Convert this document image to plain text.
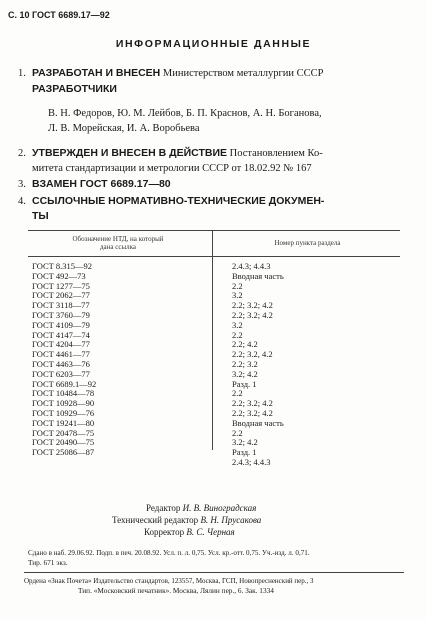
С. 10 ГОСТ 6689.17—92
ИНФОРМАЦИОННЫЕ ДАННЫЕ
1. РАЗРАБОТАН И ВНЕСЕН Министерством металлургии СССР
РАЗРАБОТЧИКИ
В. Н. Федоров, Ю. М. Лейбов, Б. П. Краснов, А. Н. Боганова,
Л. В. Морейская, И. А. Воробьева
2. УТВЕРЖДЕН И ВНЕСЕН В ДЕЙСТВИЕ Постановлением Ко-
митета стандартизации и метрологии СССР от 18.02.92 № 167
3. ВЗАМЕН ГОСТ 6689.17—80
4. ССЫЛОЧНЫЕ НОРМАТИВНО-ТЕХНИЧЕСКИЕ ДОКУМЕН-
ТЫ
Обозначение НТД, на который
дана ссылка	Номер пункта раздела
ГОСТ 8.315—92
ГОСТ 492—73
ГОСТ 1277—75
ГОСТ 2062—77
ГОСТ 3118—77
ГОСТ 3760—79
ГОСТ 4109—79
ГОСТ 4147—74
ГОСТ 4204—77
ГОСТ 4461—77
ГОСТ 4463—76
ГОСТ 6203—77
ГОСТ 6689.1—92
ГОСТ 10484—78
ГОСТ 10928—90
ГОСТ 10929—76
ГОСТ 19241—80
ГОСТ 20478—75
ГОСТ 20490—75
ГОСТ 25086—87

2.4.3; 4.4.3
Вводная часть
2.2
3.2
2.2; 3.2; 4.2
2.2; 3.2; 4.2
3.2
2.2
2.2; 4.2
2.2; 3.2, 4.2
2.2; 3.2
3.2; 4.2
Разд. 1
2.2
2.2; 3.2; 4.2
2.2; 3.2; 4.2
Вводная часть
2.2
3.2; 4.2
Разд. 1
2.4.3; 4.4.3
Редактор И. В. Виноградская
Технический редактор В. Н. Прусакова
Корректор В. С. Черная
Сдано в наб. 29.06.92. Подп. в печ. 20.08.92. Усл. п. л. 0,75. Усл. кр.-отт. 0,75. Уч.-изд. л. 0,71.
Тир. 671 экз.
Ордена «Знак Почета» Издательство стандартов, 123557, Москва, ГСП, Новопресненский пер., 3
Тип. «Московский печатник». Москва, Лялин пер., 6. Зак. 1334
